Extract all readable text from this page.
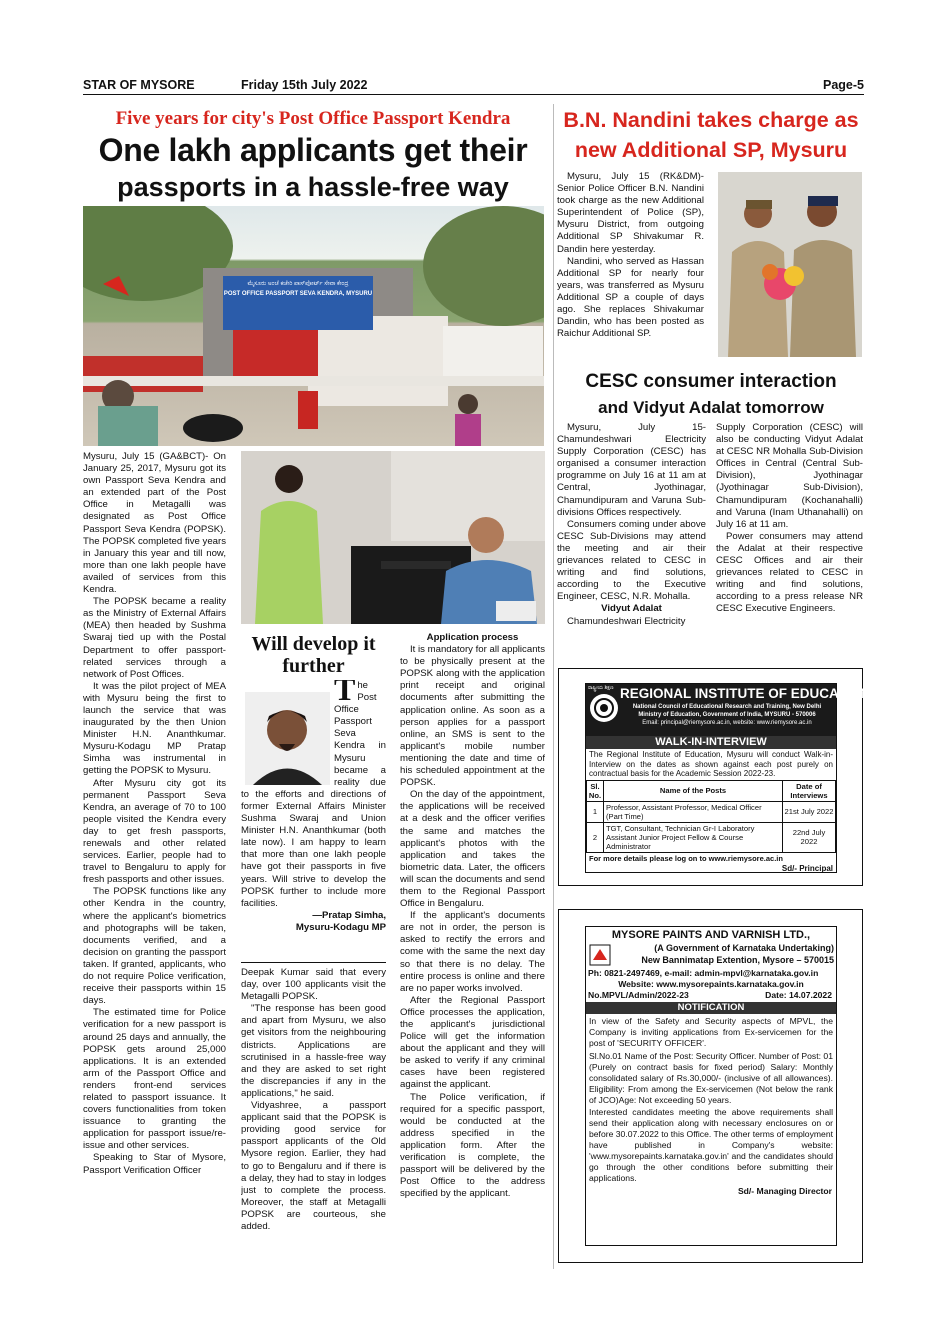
STAR OF MYSORE	Friday 15th July 2022	Page-5
Five years for city's Post Office Passport Kendra
One lakh applicants get their
passports in a hassle-free way
ಮೈಸೂರು ಅಂಚೆ ಕಚೇರಿ ಪಾಸ್‌ಪೋರ್ಟ್ ಸೇವಾ ಕೇಂದ್ರ
POST OFFICE PASSPORT SEVA KENDRA, MYSURU

Mysuru, July 15 (GA&BCT)- On January 25, 2017, Mysuru got its own Passport Seva Kendra and an extended part of the Post Office in Metagalli was designated as Post Office Passport Seva Kendra (POPSK). The POPSK completed five years in January this year and till now, more than one lakh people have availed of services from this Kendra.

The POPSK became a reality as the Ministry of External Affairs (MEA) then headed by Sushma Swaraj tied up with the Postal Department to offer passport-related services through a network of Post Offices.

It was the pilot project of MEA with Mysuru being the first to launch the service that was inaugurated by the then Union Minister H.N. Ananthkumar. Mysuru-Kodagu MP Pratap Simha was instrumental in getting the POPSK to Mysuru.

After Mysuru city got its permanent Passport Seva Kendra, an average of 70 to 100 people visited the Kendra every day to get fresh passports, renewals and other related services. Earlier, people had to travel to Bengaluru to apply for fresh passports and other issues.

The POPSK functions like any other Kendra in the country, where the applicant's biometrics and photographs will be taken, documents verified, and a decision on granting the passport taken. If granted, applicants, who do not require Police verification, receive their passports within 15 days.

The estimated time for Police verification for a new passport is around 25 days and annually, the POPSK gets around 25,000 applications. It is an extended arm of the Passport Office and renders front-end services related to passport issuance. It covers functionalities from token issuance to granting the application for passport issue/re-issue and other services.

Speaking to Star of Mysore, Passport Verification Officer

Will develop it further
The Post Office Passport Seva Kendra in Mysuru became a reality due to the efforts and directions of former External Affairs Minister Sushma Swaraj and Union Minister H.N. Ananthkumar (both late now). I am happy to learn that more than one lakh people have got their passports in five years. Will strive to develop the POPSK further to include more facilities.
—Pratap Simha,
Mysuru-Kodagu MP

Deepak Kumar said that every day, over 100 applicants visit the Metagalli POPSK.

"The response has been good and apart from Mysuru, we also get visitors from the neighbouring districts. Applications are scrutinised in a hassle-free way and they are asked to set right the discrepancies if any in the applications," he said.

Vidyashree, a passport applicant said that the POPSK is providing good service for passport applicants of the Old Mysore region. Earlier, they had to go to Bengaluru and if there is a delay, they had to stay in lodges just to complete the process. Moreover, the staff at Metagalli POPSK are courteous, she added.

Application process

It is mandatory for all applicants to be physically present at the POPSK along with the application print receipt and original documents after submitting the application online. As soon as a person applies for a passport online, an SMS is sent to the applicant's mobile number mentioning the date and time of his scheduled appointment at the POPSK.

On the day of the appointment, the applications will be received at a desk and the officer verifies the same and matches the applicant's photos with the application and takes the biometric data. Later, the officers will scan the documents and send them to the Regional Passport Office in Bengaluru.

If the applicant's documents are not in order, the person is asked to rectify the errors and come with the same the next day so that there is no delay. The entire process is online and there are no paper works involved.

After the Regional Passport Office processes the application, the applicant's jurisdictional Police will get the information about the applicant and they will be asked to verify if any criminal cases have been registered against the applicant.

The Police verification, if required for a specific passport, would be conducted at the address specified in the application form. After the verification is complete, the passport will be delivered by the Post Office to the address specified by the applicant.

B.N. Nandini takes charge as
new Additional SP, Mysuru

Mysuru, July 15 (RK&DM)- Senior Police Officer B.N. Nandini took charge as the new Additional Superintendent of Police (SP), Mysuru District, from outgoing Additional SP Shivakumar R. Dandin here yesterday.

Nandini, who served as Hassan Additional SP for nearly four years, was transferred as Mysuru Additional SP a couple of days ago. She replaces Shivakumar Dandin, who has been posted as Raichur Additional SP.

CESC consumer interaction
and Vidyut Adalat tomorrow

Mysuru, July 15- Chamundeshwari Electricity Supply Corporation (CESC) has organised a consumer interaction programme on July 16 at 11 am at Central, Jyothinagar, Chamundipuram and Varuna Sub-divisions Offices respectively.

Consumers coming under above CESC Sub-Divisions may attend the meeting and air their grievances related to CESC in writing and find solutions, according to the Executive Engineer, CESC, N.R. Mohalla.

Vidyut Adalat

Chamundeshwari Electricity

Supply Corporation (CESC) will also be conducting Vidyut Adalat at CESC NR Mohalla Sub-Division Offices in Central (Central Sub-Division), Jyothinagar (Jyothinagar Sub-Division), Chamundipuram (Kochanahalli) and Varuna (Inam Uthanahalli) on July 16 at 11 am.

Power consumers may attend the Adalat at their respective CESC Offices and air their grievances related to CESC in writing and find solutions, according to a press release NR CESC Executive Engineers.

ರಾಷ್ಟ್ರೀಯ ಶಿಕ್ಷಣ REGIONAL INSTITUTE OF EDUCATION
National Council of Educational Research and Training, New Delhi
Ministry of Education, Government of India, MYSURU - 570006
Email: principal@riemysore.ac.in, website: www.riemysore.ac.in
WALK-IN-INTERVIEW
The Regional Institute of Education, Mysuru will conduct Walk-in-Interview on the dates as shown against each post purely on contractual basis for the Academic Session 2022-23.
Sl. No.	Name of the Posts	Date of Interviews
1	Professor, Assistant Professor, Medical Officer (Part Time)	21st July 2022
2	TGT, Consultant, Technician Gr-I Laboratory Assistant Junior Project Fellow & Course Administrator	22nd July 2022
For more details please log on to www.riemysore.ac.in
Sd/- Principal
MYSORE PAINTS AND VARNISH LTD.,
(A Government of Karnataka Undertaking)
New Bannimatap Extention, Mysore – 570015
Ph: 0821-2497469, e-mail: admin-mpvl@karnataka.gov.in
Website: www.mysorepaints.karnataka.gov.in
No.MPVL/Admin/2022-23	Date: 14.07.2022
NOTIFICATION
In view of the Safety and Security aspects of MPVL, the Company is inviting applications from Ex-servicemen for the post of 'SECURITY OFFICER'.
Sl.No.01 Name of the Post: Security Officer. Number of Post: 01 (Purely on contract basis for fixed period) Salary: Monthly consolidated salary of Rs.30,000/- (inclusive of all allowances). Eligibility: From among the Ex-servicemen (Not below the rank of JCO)Age: Not exceeding 50 years.
Interested candidates meeting the above requirements shall send their application along with necessary enclosures on or before 30.07.2022 to this Office. The other terms of employment have published in Company's website: 'www.mysorepaints.karnataka.gov.in' and the candidates should go through the other conditions before submitting their applications.
Sd/- Managing Director
